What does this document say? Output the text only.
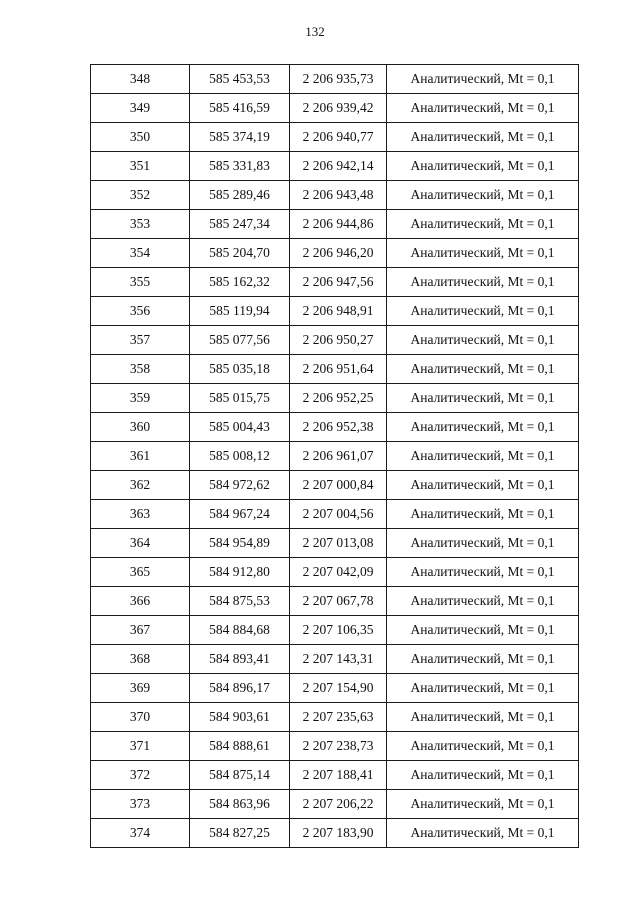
132
348	585 453,53	2 206 935,73	Аналитический, Mt = 0,1
349	585 416,59	2 206 939,42	Аналитический, Mt = 0,1
350	585 374,19	2 206 940,77	Аналитический, Mt = 0,1
351	585 331,83	2 206 942,14	Аналитический, Mt = 0,1
352	585 289,46	2 206 943,48	Аналитический, Mt = 0,1
353	585 247,34	2 206 944,86	Аналитический, Mt = 0,1
354	585 204,70	2 206 946,20	Аналитический, Mt = 0,1
355	585 162,32	2 206 947,56	Аналитический, Mt = 0,1
356	585 119,94	2 206 948,91	Аналитический, Mt = 0,1
357	585 077,56	2 206 950,27	Аналитический, Mt = 0,1
358	585 035,18	2 206 951,64	Аналитический, Mt = 0,1
359	585 015,75	2 206 952,25	Аналитический, Mt = 0,1
360	585 004,43	2 206 952,38	Аналитический, Mt = 0,1
361	585 008,12	2 206 961,07	Аналитический, Mt = 0,1
362	584 972,62	2 207 000,84	Аналитический, Mt = 0,1
363	584 967,24	2 207 004,56	Аналитический, Mt = 0,1
364	584 954,89	2 207 013,08	Аналитический, Mt = 0,1
365	584 912,80	2 207 042,09	Аналитический, Mt = 0,1
366	584 875,53	2 207 067,78	Аналитический, Mt = 0,1
367	584 884,68	2 207 106,35	Аналитический, Mt = 0,1
368	584 893,41	2 207 143,31	Аналитический, Mt = 0,1
369	584 896,17	2 207 154,90	Аналитический, Mt = 0,1
370	584 903,61	2 207 235,63	Аналитический, Mt = 0,1
371	584 888,61	2 207 238,73	Аналитический, Mt = 0,1
372	584 875,14	2 207 188,41	Аналитический, Mt = 0,1
373	584 863,96	2 207 206,22	Аналитический, Mt = 0,1
374	584 827,25	2 207 183,90	Аналитический, Mt = 0,1
